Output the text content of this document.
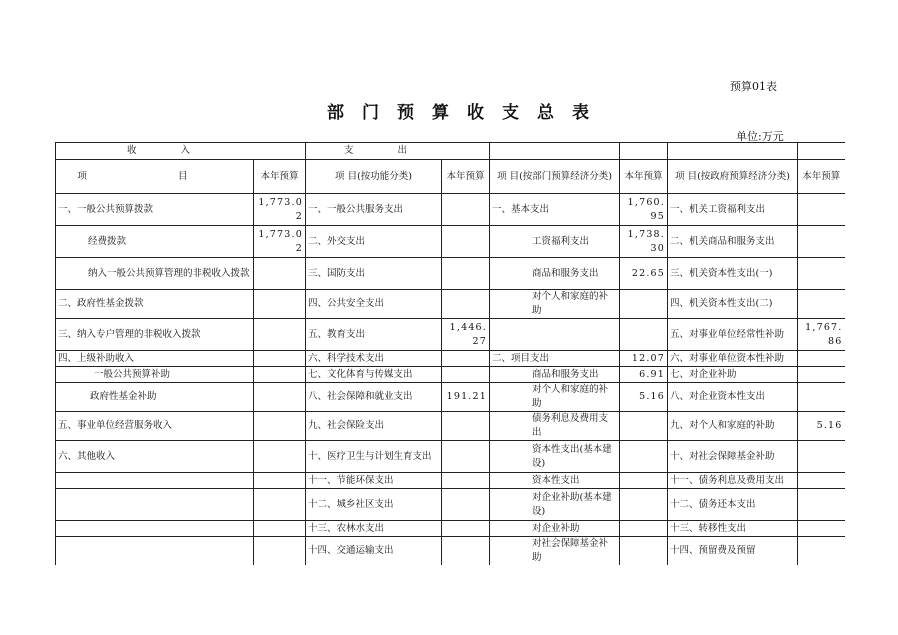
预算01表
部门预算收支总表
单位:万元
收入		支出					
项 目	本年预算	项 目(按功能分类)	本年预算	项 目(按部门预算经济分类)	本年预算	项 目(按政府预算经济分类)	本年预算
一、一般公共预算拨款	1,773.02	一、一般公共服务支出		一、基本支出	1,760.95	一、机关工资福利支出	
经费拨款	1,773.02	二、外交支出		工资福利支出	1,738.30	二、机关商品和服务支出	
纳入一般公共预算管理的非税收入拨款		三、国防支出		商品和服务支出	22.65	三、机关资本性支出(一)	
二、政府性基金拨款		四、公共安全支出		对个人和家庭的补助		四、机关资本性支出(二)	
三、纳入专户管理的非税收入拨款		五、教育支出	1,446.27			五、对事业单位经常性补助	1,767.86
四、上级补助收入		六、科学技术支出		二、项目支出	12.07	六、对事业单位资本性补助	
一般公共预算补助		七、文化体育与传媒支出		商品和服务支出	6.91	七、对企业补助	
政府性基金补助		八、社会保障和就业支出	191.21	对个人和家庭的补助	5.16	八、对企业资本性支出	
五、事业单位经营服务收入		九、社会保险支出		债务利息及费用支出		九、对个人和家庭的补助	5.16
六、其他收入		十、医疗卫生与计划生育支出		资本性支出(基本建设)		十、对社会保障基金补助	
		十一、节能环保支出		资本性支出		十一、债务利息及费用支出	
		十二、城乡社区支出		对企业补助(基本建设)		十二、债务还本支出	
		十三、农林水支出		对企业补助		十三、转移性支出	
		十四、交通运输支出		对社会保障基金补助		十四、预留费及预留	
